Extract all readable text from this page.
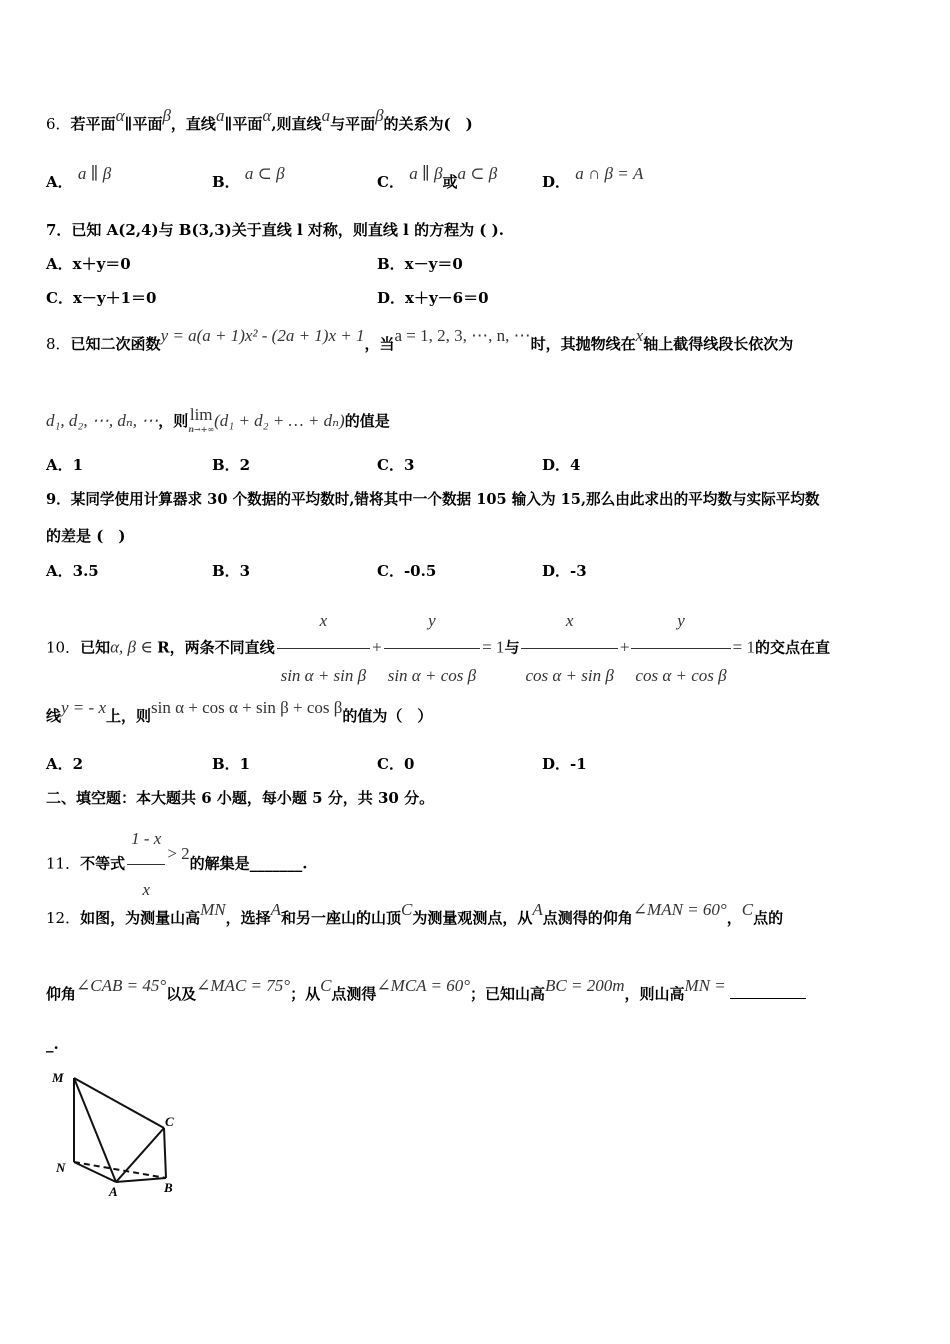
6．若平面α∥平面β，直线a∥平面α,则直线a与平面β的关系为(　)
A． a ∥ β	B． a ⊂ β	C． a ∥ β或a ⊂ β	D． a ∩ β = A
7．已知 A(2,4)与 B(3,3)关于直线 l 对称，则直线 l 的方程为 ( ).
A．x＋y＝0	B．x－y＝0
C．x－y＋1＝0	D．x＋y－6＝0
8．已知二次函数y = a(a + 1)x² - (2a + 1)x + 1，当a = 1, 2, 3, ⋯, n, ⋯时，其抛物线在x轴上截得线段长依次为
d₁, d₂, ⋯, dₙ, ⋯，则lim
n→+∞ (d₁ + d₂ + … + dₙ)的值是
A．1	B．2	C．3	D．4
9．某同学使用计算器求 30 个数据的平均数时,错将其中一个数据 105 输入为 15,那么由此求出的平均数与实际平均数
的差是 (　)
A．3.5	B．3	C．-0.5	D．-3
10．已知α, β ∈ R，两条不同直线 $\frac{x}{\text{sin α + sin β}} + \frac{y}{\text{sin α + cos β}} = 1$与 $\frac{x}{\text{cos α + sin β}} + \frac{y}{\text{cos α + cos β}} = 1$的交点在直
线y = - x上，则sin α + cos α + sin β + cos β的值为（　）
A．2	B．1	C．0	D．-1
二、填空题：本大题共 6 小题，每小题 5 分，共 30 分。
11．不等式 $\frac{1 - x}{x} > 2$的解集是_______.
12．如图，为测量山高MN，选择A和另一座山的山顶C为测量观测点，从A点测得的仰角∠MAN = 60°，C点的
仰角∠CAB = 45°以及∠MAC = 75°；从C点测得∠MCA = 60°；已知山高BC = 200m，则山高MN =
_.
M
C
N
A	B
